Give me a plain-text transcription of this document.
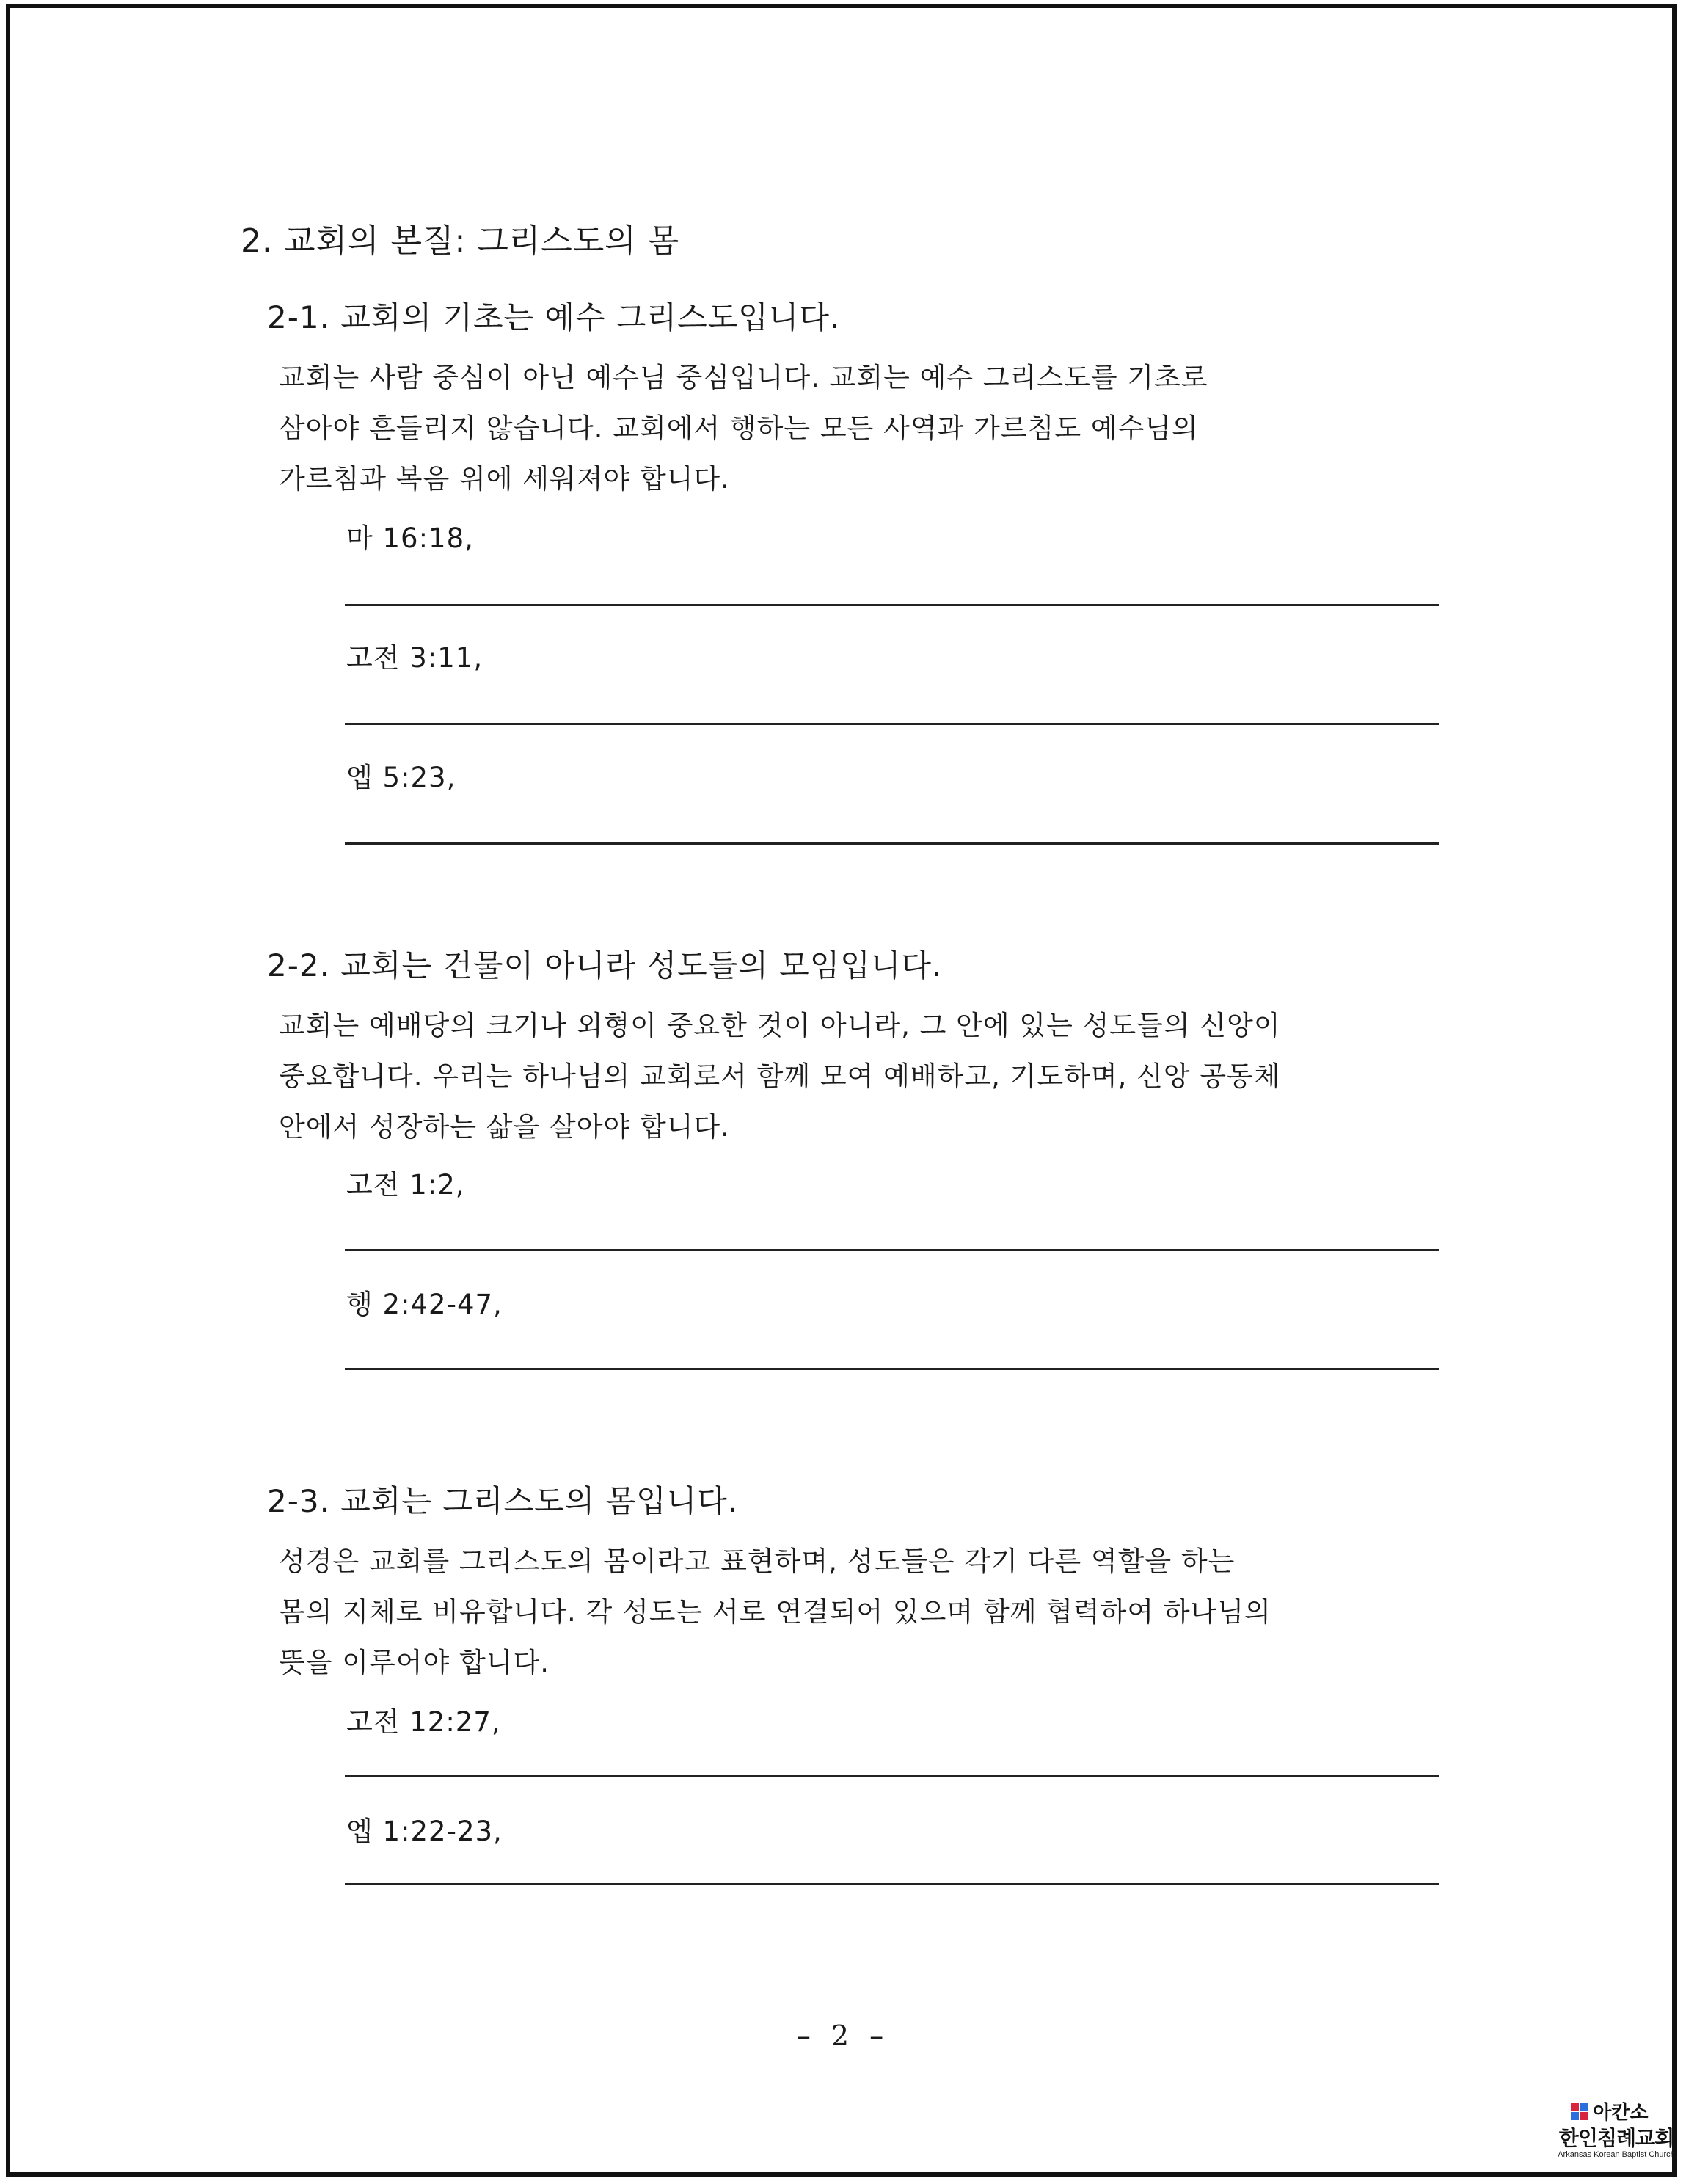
2. 교회의 본질: 그리스도의 몸
2-1. 교회의 기초는 예수 그리스도입니다.
교회는 사람 중심이 아닌 예수님 중심입니다. 교회는 예수 그리스도를 기초로
삼아야 흔들리지 않습니다. 교회에서 행하는 모든 사역과 가르침도 예수님의
가르침과 복음 위에 세워져야 합니다.
마 16:18,
고전 3:11,
엡 5:23,
2-2. 교회는 건물이 아니라 성도들의 모임입니다.
교회는 예배당의 크기나 외형이 중요한 것이 아니라, 그 안에 있는 성도들의 신앙이
중요합니다. 우리는 하나님의 교회로서 함께 모여 예배하고, 기도하며, 신앙 공동체
안에서 성장하는 삶을 살아야 합니다.
고전 1:2,
행 2:42-47,
2-3. 교회는 그리스도의 몸입니다.
성경은 교회를 그리스도의 몸이라고 표현하며, 성도들은 각기 다른 역할을 하는
몸의 지체로 비유합니다. 각 성도는 서로 연결되어 있으며 함께 협력하여 하나님의
뜻을 이루어야 합니다.
고전 12:27,
엡 1:22-23,
– 2 –
아칸소
한인침례교회
Arkansas Korean Baptist Church
